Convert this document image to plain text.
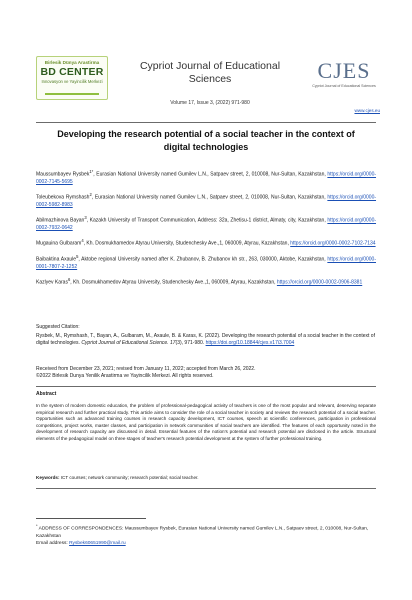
Birlesik Dünya Arastirma
BD CENTER
Innovasyon ve Yayincilik Merkezi
Cypriot Journal of Educational Sciences
Volume 17, Issue 3, (2022) 971-980
CJES
Cypriot Journal of Educational Sciences
www.cjes.eu
Developing the research potential of a social teacher in the context of digital technologies
Maussumbayev Rysbek$^{1*}$, Eurasian National University named Gumilev L.N., Satpaev street, 2, 010008, Nur-Sultan, Kazakhstan, https://orcid.org/0000-0002-7145-5695
Toleubekova Rymshash$^2$, Eurasian National University named Gumilev L.N., Satpaev street, 2, 010008, Nur-Sultan, Kazakhstan, https://orcid.org/0000-0002-5982-8983
Abilmazhinova Bayan$^3$, Kazakh University of Transport Communication, Address: 32a, Zhetisu-1 district, Almaty, city, Kazakhstan, https://orcid.org/0000-0002-7932-0642
Mugauina Gulbaram$^4$, Kh. Dosmukhamedov Atyrau University, Studenchesky Ave.,1, 060009, Atyrau, Kazakhstan, https://orcid.org/0000-0002-7102-7134
Baibaktina Axaule$^5$, Aktobe regional University named after K. Zhubanov, B. Zhubanov kh str., 263, 030000, Aktobe, Kazakhstan, https://orcid.org/0000-0001-7807-2-1252
Kazlyev Karas$^6$, Kh. Dosmukhamedov Atyrau University, Studenchesky Ave.,1, 060009, Atyrau, Kazakhstan, https://orcid.org/0000-0002-0906-8381
Suggested Citation:
Rysbek, M., Rymshash, T., Bayan, A., Gulbaram, M., Axaule, B. & Karas, K. (2022). Developing the research potential of a social teacher in the context of digital technologies. Cypriot Journal of Educational Science. 17(3), 971-980. https://doi.org/10.18844/cjes.v17i3.7004
Received from December 23, 2021; revised from January 11, 2022; accepted from March 26, 2022.
©2022 Birlesik Dunya Yenilik Arastirma ve Yayincilik Merkezi. All rights reserved.
Abstract
In the system of modern domestic education, the problem of professional-pedagogical activity of teachers is one of the most popular and relevant, deserving separate empirical research and further practical study. This article aims to consider the role of a social teacher in society and reviews the research potential of a social teacher. Opportunities such as advanced training courses in research capacity development, ICT courses, speech at scientific conferences, participation in professional competitions, project works, master classes, and participation in network communities of social teachers are identified. The features of each opportunity noted in the development of research capacity are discussed in detail. Essential features of the notion's potential and research potential are disclosed in the article. Structural elements of the pedagogical model on three stages of teacher's research potential development at the system of further professional training.
Keywords: ICT courses; network community; research potential; social teacher.
* ADDRESS OF CORRESPONDENCES: Maussumbayev Rysbek, Eurasian National University named Gumilev L.N., Satpaev street, 2, 010008, Nur-Sultan, Kazakhstan
Email address: Rysbek60651990@mail.ru
